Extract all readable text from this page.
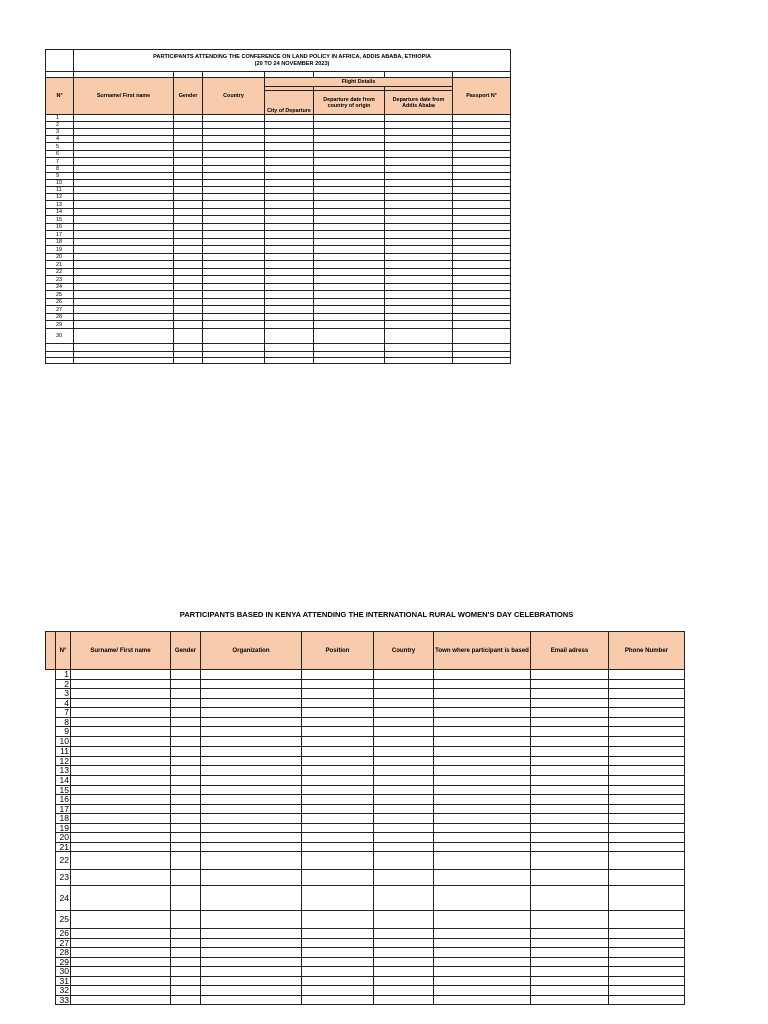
	PARTICIPANTS ATTENDING THE CONFERENCE ON LAND POLICY IN AFRICA, ADDIS ABABA, ETHIOPIA
(20 TO 24 NOVEMBER 2023)						

N°	Surname/ First name	Gender	Country	Flight Details			Passport N°

				City of Departure	Departure date from country of origin	Departure date from Addis Ababa	
1							
2							
3							
4							
5							
6							
7							
8							
9							
10							
11							
12							
13							
14							
15							
16							
17							
18							
19							
20							
21							
22							
23							
24							
25							
26							
27							
28							
29							
30							

PARTICIPANTS BASED IN KENYA ATTENDING THE INTERNATIONAL RURAL WOMEN'S DAY CELEBRATIONS
	N°	Surname/ First name	Gender	Organization	Position	Country	Town where participant is based	Email adress	Phone Number
	1								
	2								
	3								
	4								
	7								
	8								
	9								
	10								
	11								
	12								
	13								
	14								
	15								
	16								
	17								
	18								
	19								
	20								
	21								
	22								
	23								
	24								
	25								
	26								
	27								
	28								
	29								
	30								
	31								
	32								
	33								
